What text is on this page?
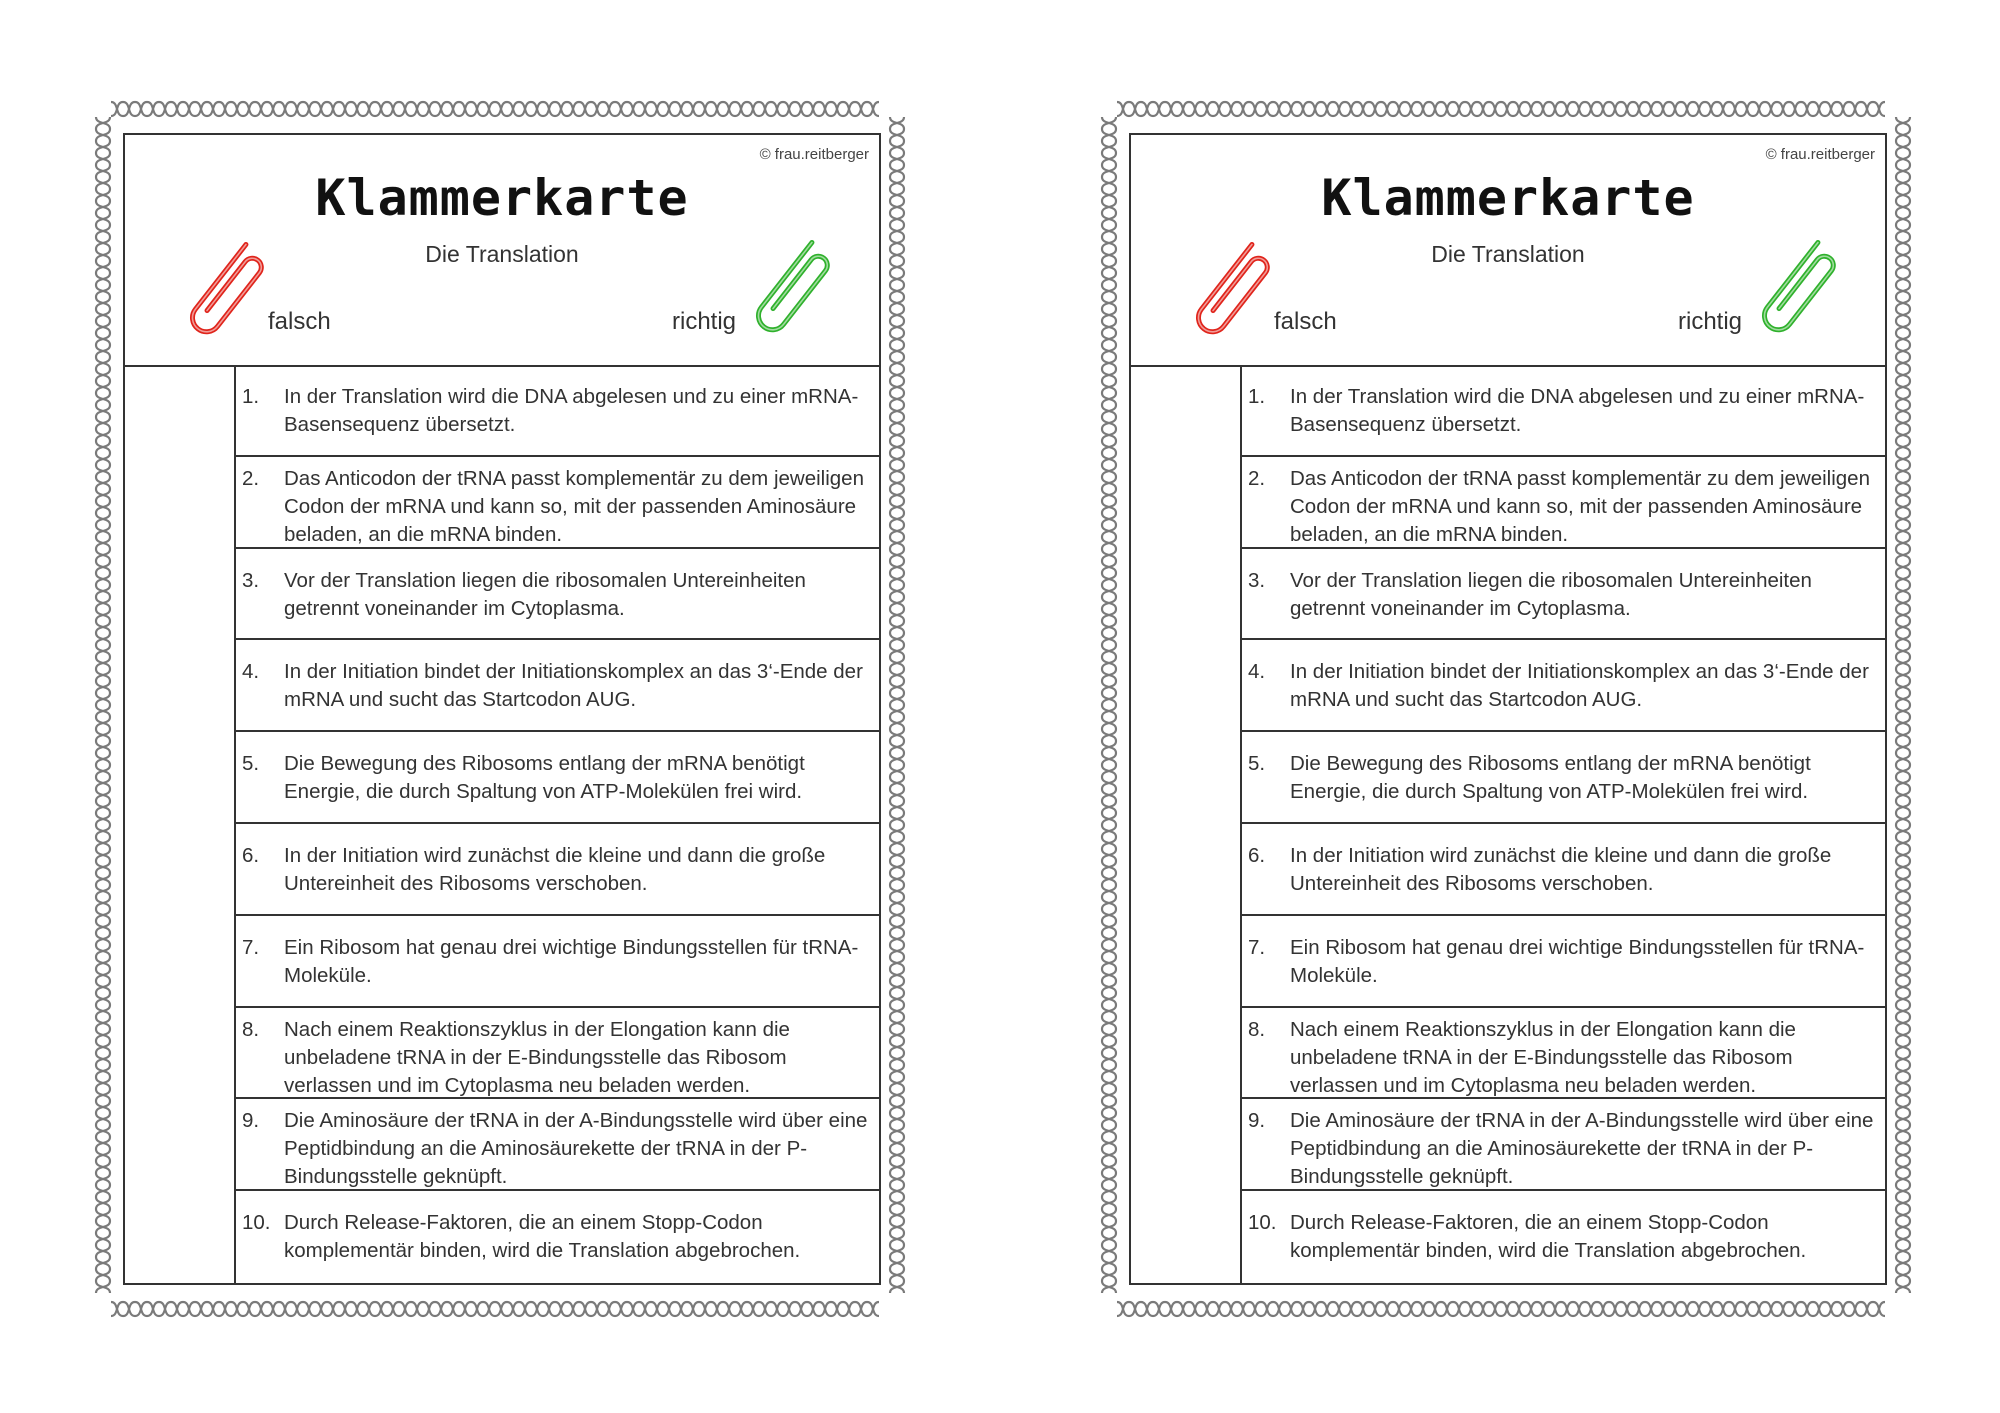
© frau.reitberger
Klammerkarte
Die Translation
falsch	richtig
1.	In der Translation wird die DNA abgelesen und zu einer mRNA-Basensequenz übersetzt.
2.	Das Anticodon der tRNA passt komplementär zu dem jeweiligen Codon der mRNA und kann so, mit der passenden Aminosäure beladen, an die mRNA binden.
3.	Vor der Translation liegen die ribosomalen Untereinheiten getrennt voneinander im Cytoplasma.
4.	In der Initiation bindet der Initiationskomplex an das 3‘-Ende der mRNA und sucht das Startcodon AUG.
5.	Die Bewegung des Ribosoms entlang der mRNA benötigt Energie, die durch Spaltung von ATP-Molekülen frei wird.
6.	In der Initiation wird zunächst die kleine und dann die große Untereinheit des Ribosoms verschoben.
7.	Ein Ribosom hat genau drei wichtige Bindungsstellen für tRNA-Moleküle.
8.	Nach einem Reaktionszyklus in der Elongation kann die unbeladene tRNA in der E-Bindungsstelle das Ribosom verlassen und im Cytoplasma neu beladen werden.
9.	Die Aminosäure der tRNA in der A-Bindungsstelle wird über eine Peptidbindung an die Aminosäurekette der tRNA in der P-Bindungsstelle geknüpft.
10. Durch Release-Faktoren, die an einem Stopp-Codon komplementär binden, wird die Translation abgebrochen.
© frau.reitberger
Klammerkarte
Die Translation
falsch	richtig
1.	In der Translation wird die DNA abgelesen und zu einer mRNA-Basensequenz übersetzt.
2.	Das Anticodon der tRNA passt komplementär zu dem jeweiligen Codon der mRNA und kann so, mit der passenden Aminosäure beladen, an die mRNA binden.
3.	Vor der Translation liegen die ribosomalen Untereinheiten getrennt voneinander im Cytoplasma.
4.	In der Initiation bindet der Initiationskomplex an das 3‘-Ende der mRNA und sucht das Startcodon AUG.
5.	Die Bewegung des Ribosoms entlang der mRNA benötigt Energie, die durch Spaltung von ATP-Molekülen frei wird.
6.	In der Initiation wird zunächst die kleine und dann die große Untereinheit des Ribosoms verschoben.
7.	Ein Ribosom hat genau drei wichtige Bindungsstellen für tRNA-Moleküle.
8.	Nach einem Reaktionszyklus in der Elongation kann die unbeladene tRNA in der E-Bindungsstelle das Ribosom verlassen und im Cytoplasma neu beladen werden.
9.	Die Aminosäure der tRNA in der A-Bindungsstelle wird über eine Peptidbindung an die Aminosäurekette der tRNA in der P-Bindungsstelle geknüpft.
10. Durch Release-Faktoren, die an einem Stopp-Codon komplementär binden, wird die Translation abgebrochen.
